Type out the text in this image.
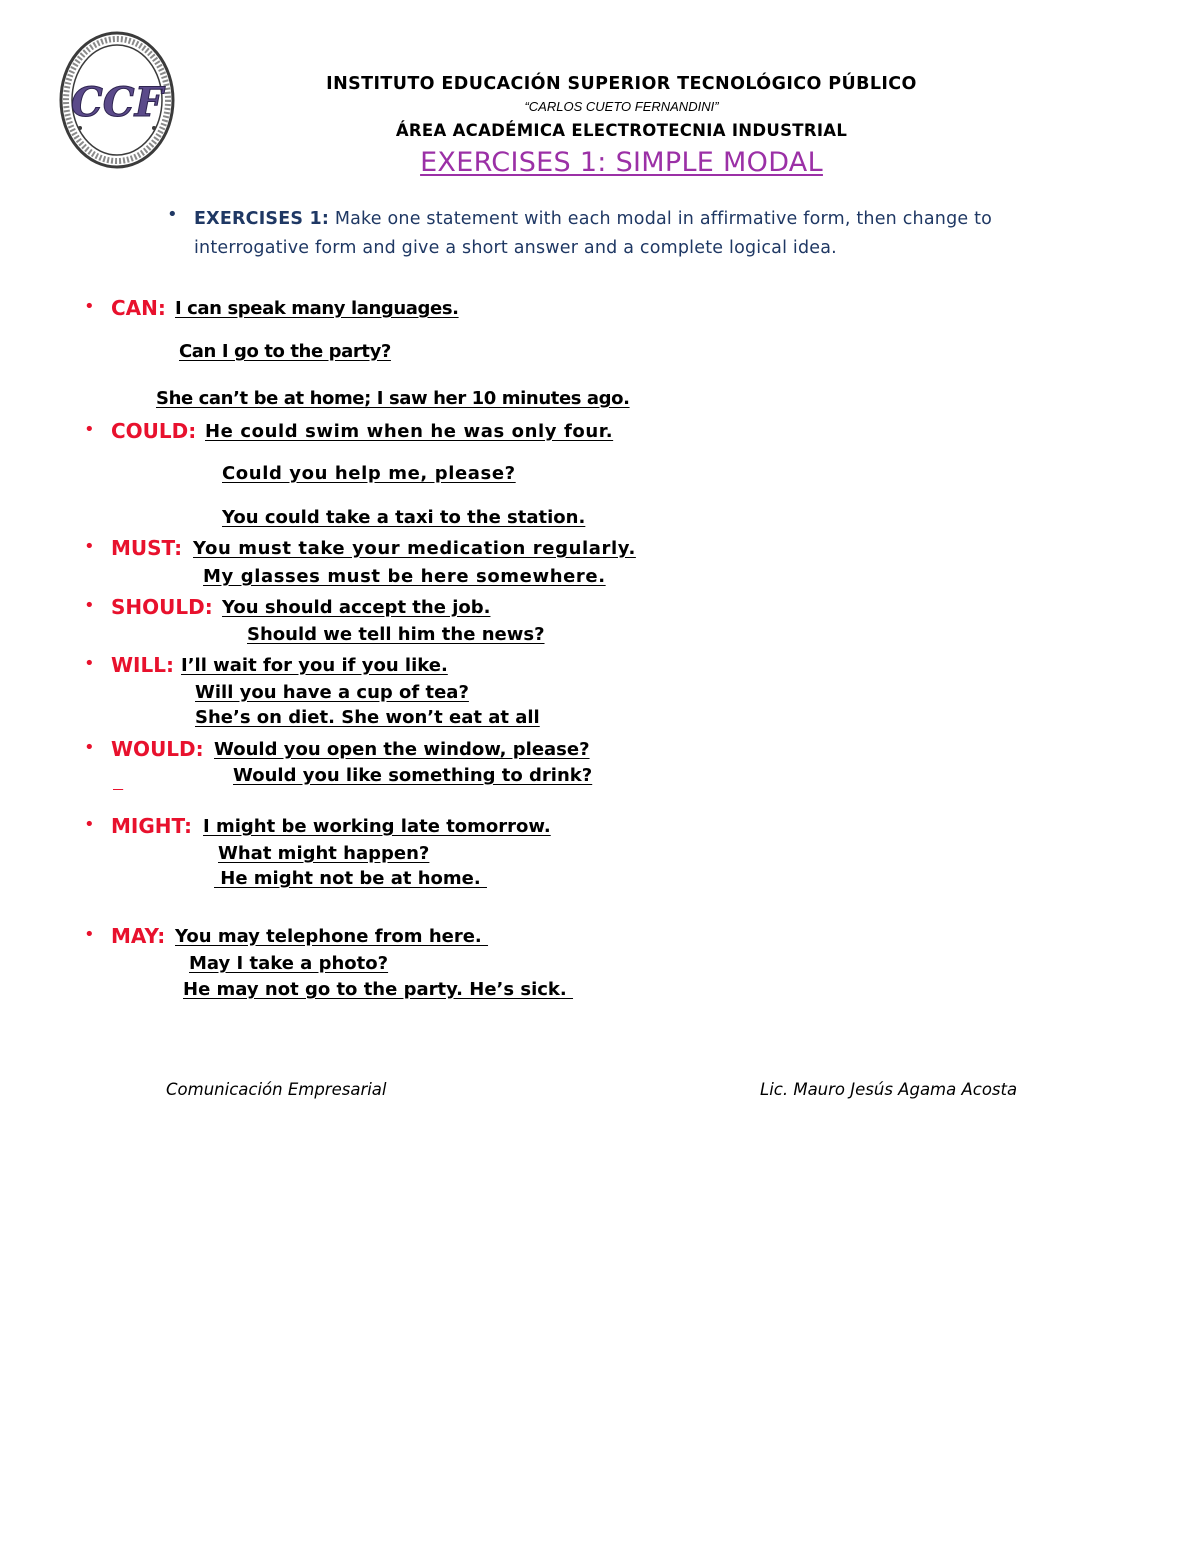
CCF	INSTITUTO EDUCACIÓN SUPERIOR TECNOLÓGICO PÚBLICO
“CARLOS CUETO FERNANDINI”
ÁREA ACADÉMICA ELECTROTECNIA INDUSTRIAL
EXERCISES 1: SIMPLE MODAL
• EXERCISES 1: Make one statement with each modal in affirmative form, then change to interrogative form and give a short answer and a complete logical idea.
• CAN: I can speak many languages.
Can I go to the party?
She can’t be at home; I saw her 10 minutes ago.
• COULD: He could swim when he was only four.
Could you help me, please?
You could take a taxi to the station.
• MUST: You must take your medication regularly.
My glasses must be here somewhere.
• SHOULD: You should accept the job.
Should we tell him the news?
• WILL: I’ll wait for you if you like.
Will you have a cup of tea?
She’s on diet. She won’t eat at all
• WOULD: Would you open the window, please?

Would you like something to drink?
• MIGHT: I might be working late tomorrow.
What might happen?
He might not be at home.
• MAY: You may telephone from here.
May I take a photo?
He may not go to the party. He’s sick.
Comunicación Empresarial	Lic. Mauro Jesús Agama Acosta
